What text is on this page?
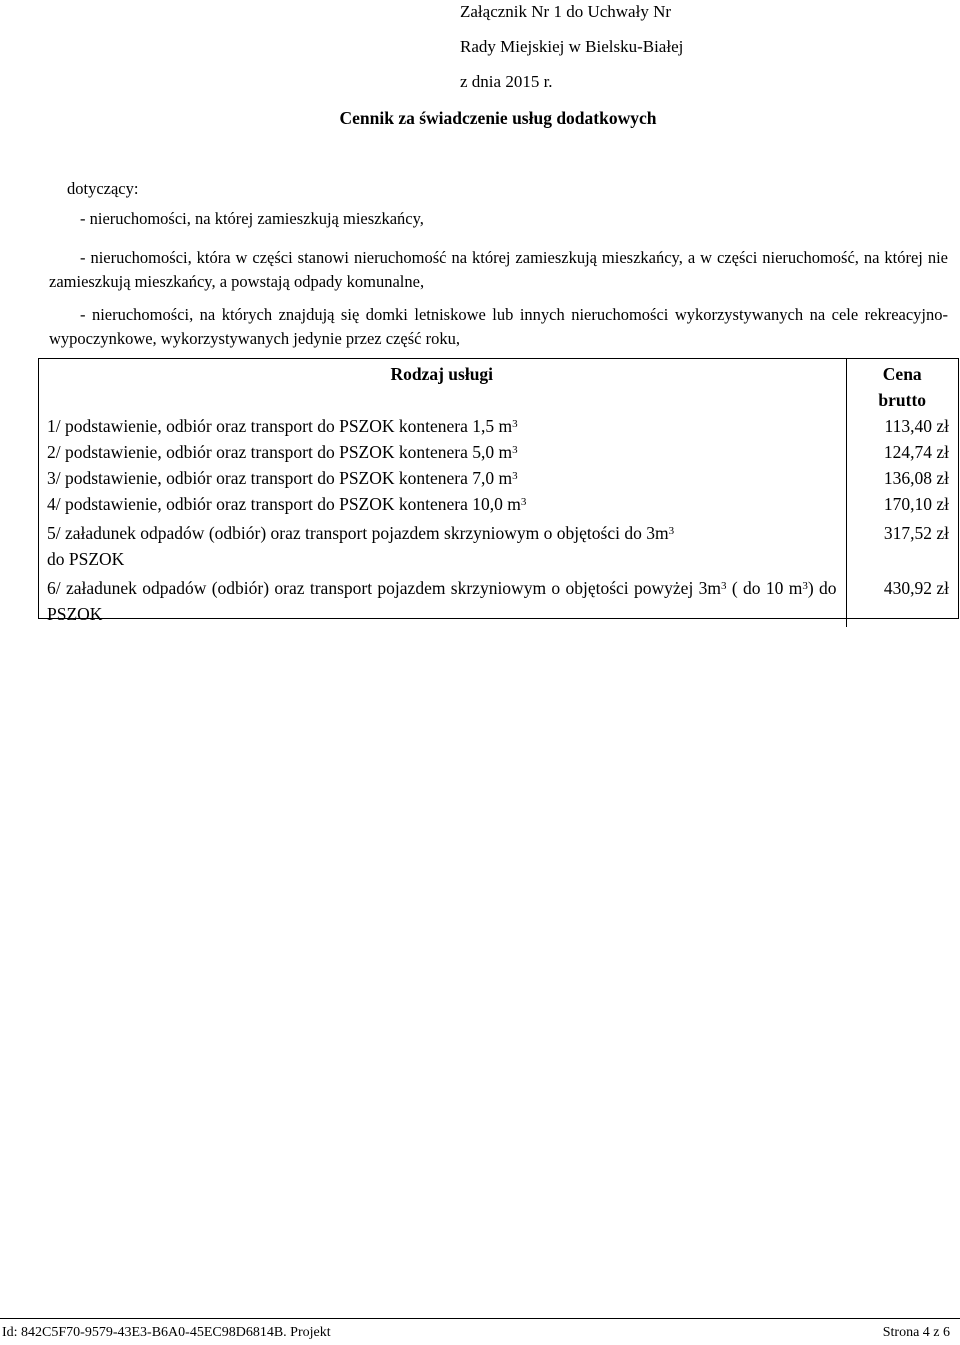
Załącznik Nr 1 do Uchwały Nr
Rady Miejskiej w Bielsku-Białej
z dnia 2015 r.
Cennik za świadczenie usług dodatkowych
dotyczący:
- nieruchomości, na której zamieszkują mieszkańcy,
- nieruchomości, która w części stanowi nieruchomość na której zamieszkują mieszkańcy, a w części nieruchomość, na której nie zamieszkują mieszkańcy, a powstają odpady komunalne,
- nieruchomości, na których znajdują się domki letniskowe lub innych nieruchomości wykorzystywanych na cele rekreacyjno-wypoczynkowe, wykorzystywanych jedynie przez część roku,
Rodzaj usługi	Cena
brutto
1/ podstawienie, odbiór oraz transport do PSZOK kontenera 1,5 $m^3$	113,40 zł
2/ podstawienie, odbiór oraz transport do PSZOK kontenera 5,0 $m^3$	124,74 zł
3/ podstawienie, odbiór oraz transport do PSZOK kontenera 7,0 $m^3$	136,08 zł
4/ podstawienie, odbiór oraz transport do PSZOK kontenera 10,0 $m^3$	170,10 zł
5/ załadunek odpadów (odbiór) oraz transport pojazdem skrzyniowym o objętości do $3m^3$
do PSZOK	317,52 zł
6/ załadunek odpadów (odbiór) oraz transport pojazdem skrzyniowym o objętości powyżej $3m^3$ ( do 10 $m^3$) do PSZOK	430,92 zł
Id: 842C5F70-9579-43E3-B6A0-45EC98D6814B. Projekt	Strona 4 z 6
